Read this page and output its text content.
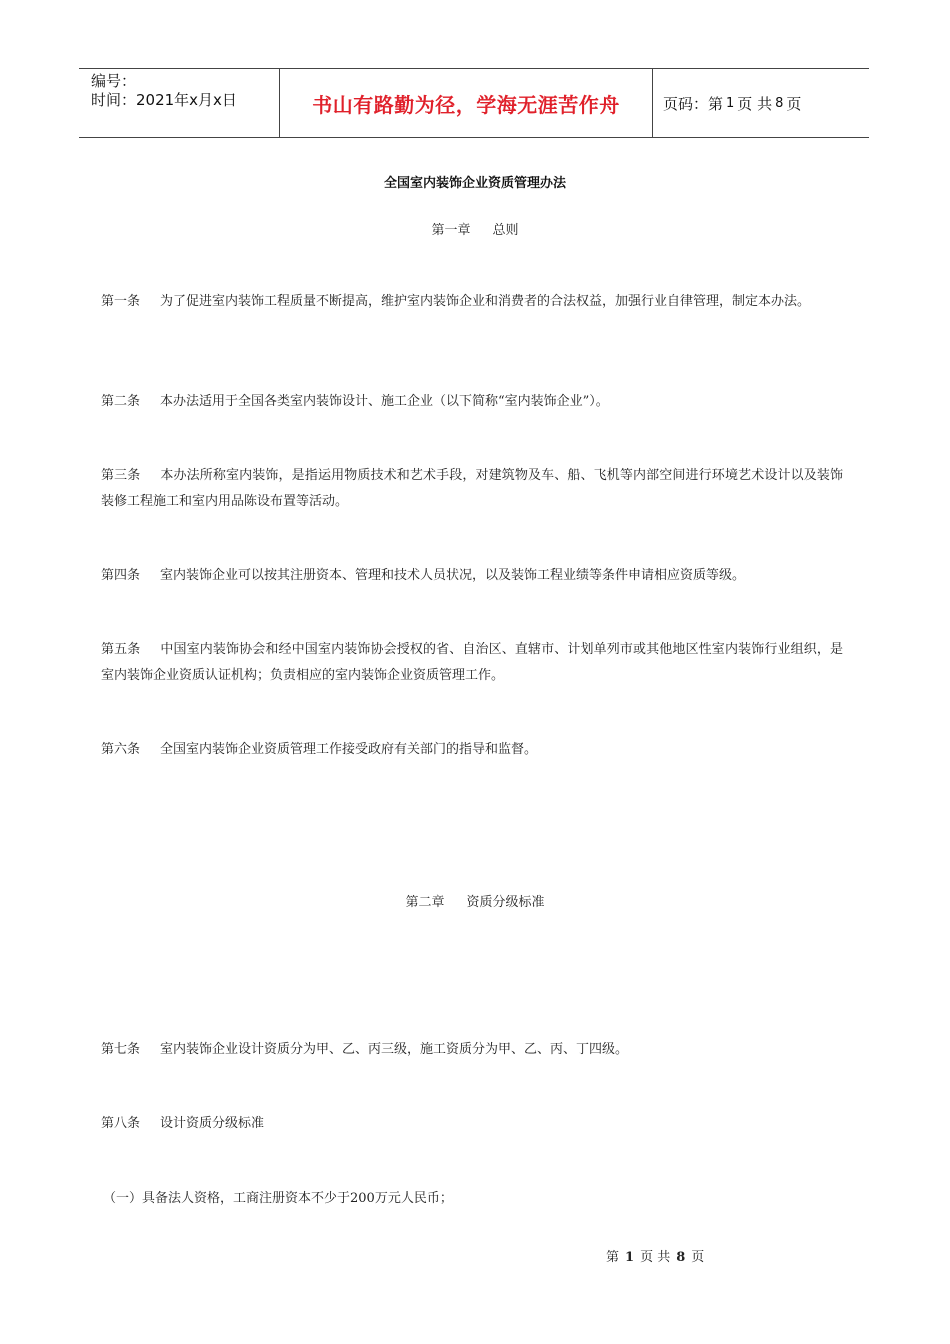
编号：
时间：2021年x月x日	书山有路勤为径，学海无涯苦作舟	页码：第 1 页 共 8 页
全国室内装饰企业资质管理办法
第一章 总则
第一条 为了促进室内装饰工程质量不断提高，维护室内装饰企业和消费者的合法权益，加强行业自律管理，制定本办法。
第二条 本办法适用于全国各类室内装饰设计、施工企业（以下简称“室内装饰企业”）。
第三条 本办法所称室内装饰，是指运用物质技术和艺术手段，对建筑物及车、船、飞机等内部空间进行环境艺术设计以及装饰装修工程施工和室内用品陈设布置等活动。
第四条 室内装饰企业可以按其注册资本、管理和技术人员状况，以及装饰工程业绩等条件申请相应资质等级。
第五条 中国室内装饰协会和经中国室内装饰协会授权的省、自治区、直辖市、计划单列市或其他地区性室内装饰行业组织，是室内装饰企业资质认证机构；负责相应的室内装饰企业资质管理工作。
第六条 全国室内装饰企业资质管理工作接受政府有关部门的指导和监督。
第二章 资质分级标准
第七条 室内装饰企业设计资质分为甲、乙、丙三级，施工资质分为甲、乙、丙、丁四级。
第八条 设计资质分级标准
（一）具备法人资格，工商注册资本不少于200万元人民币；
第 1 页 共 8 页
